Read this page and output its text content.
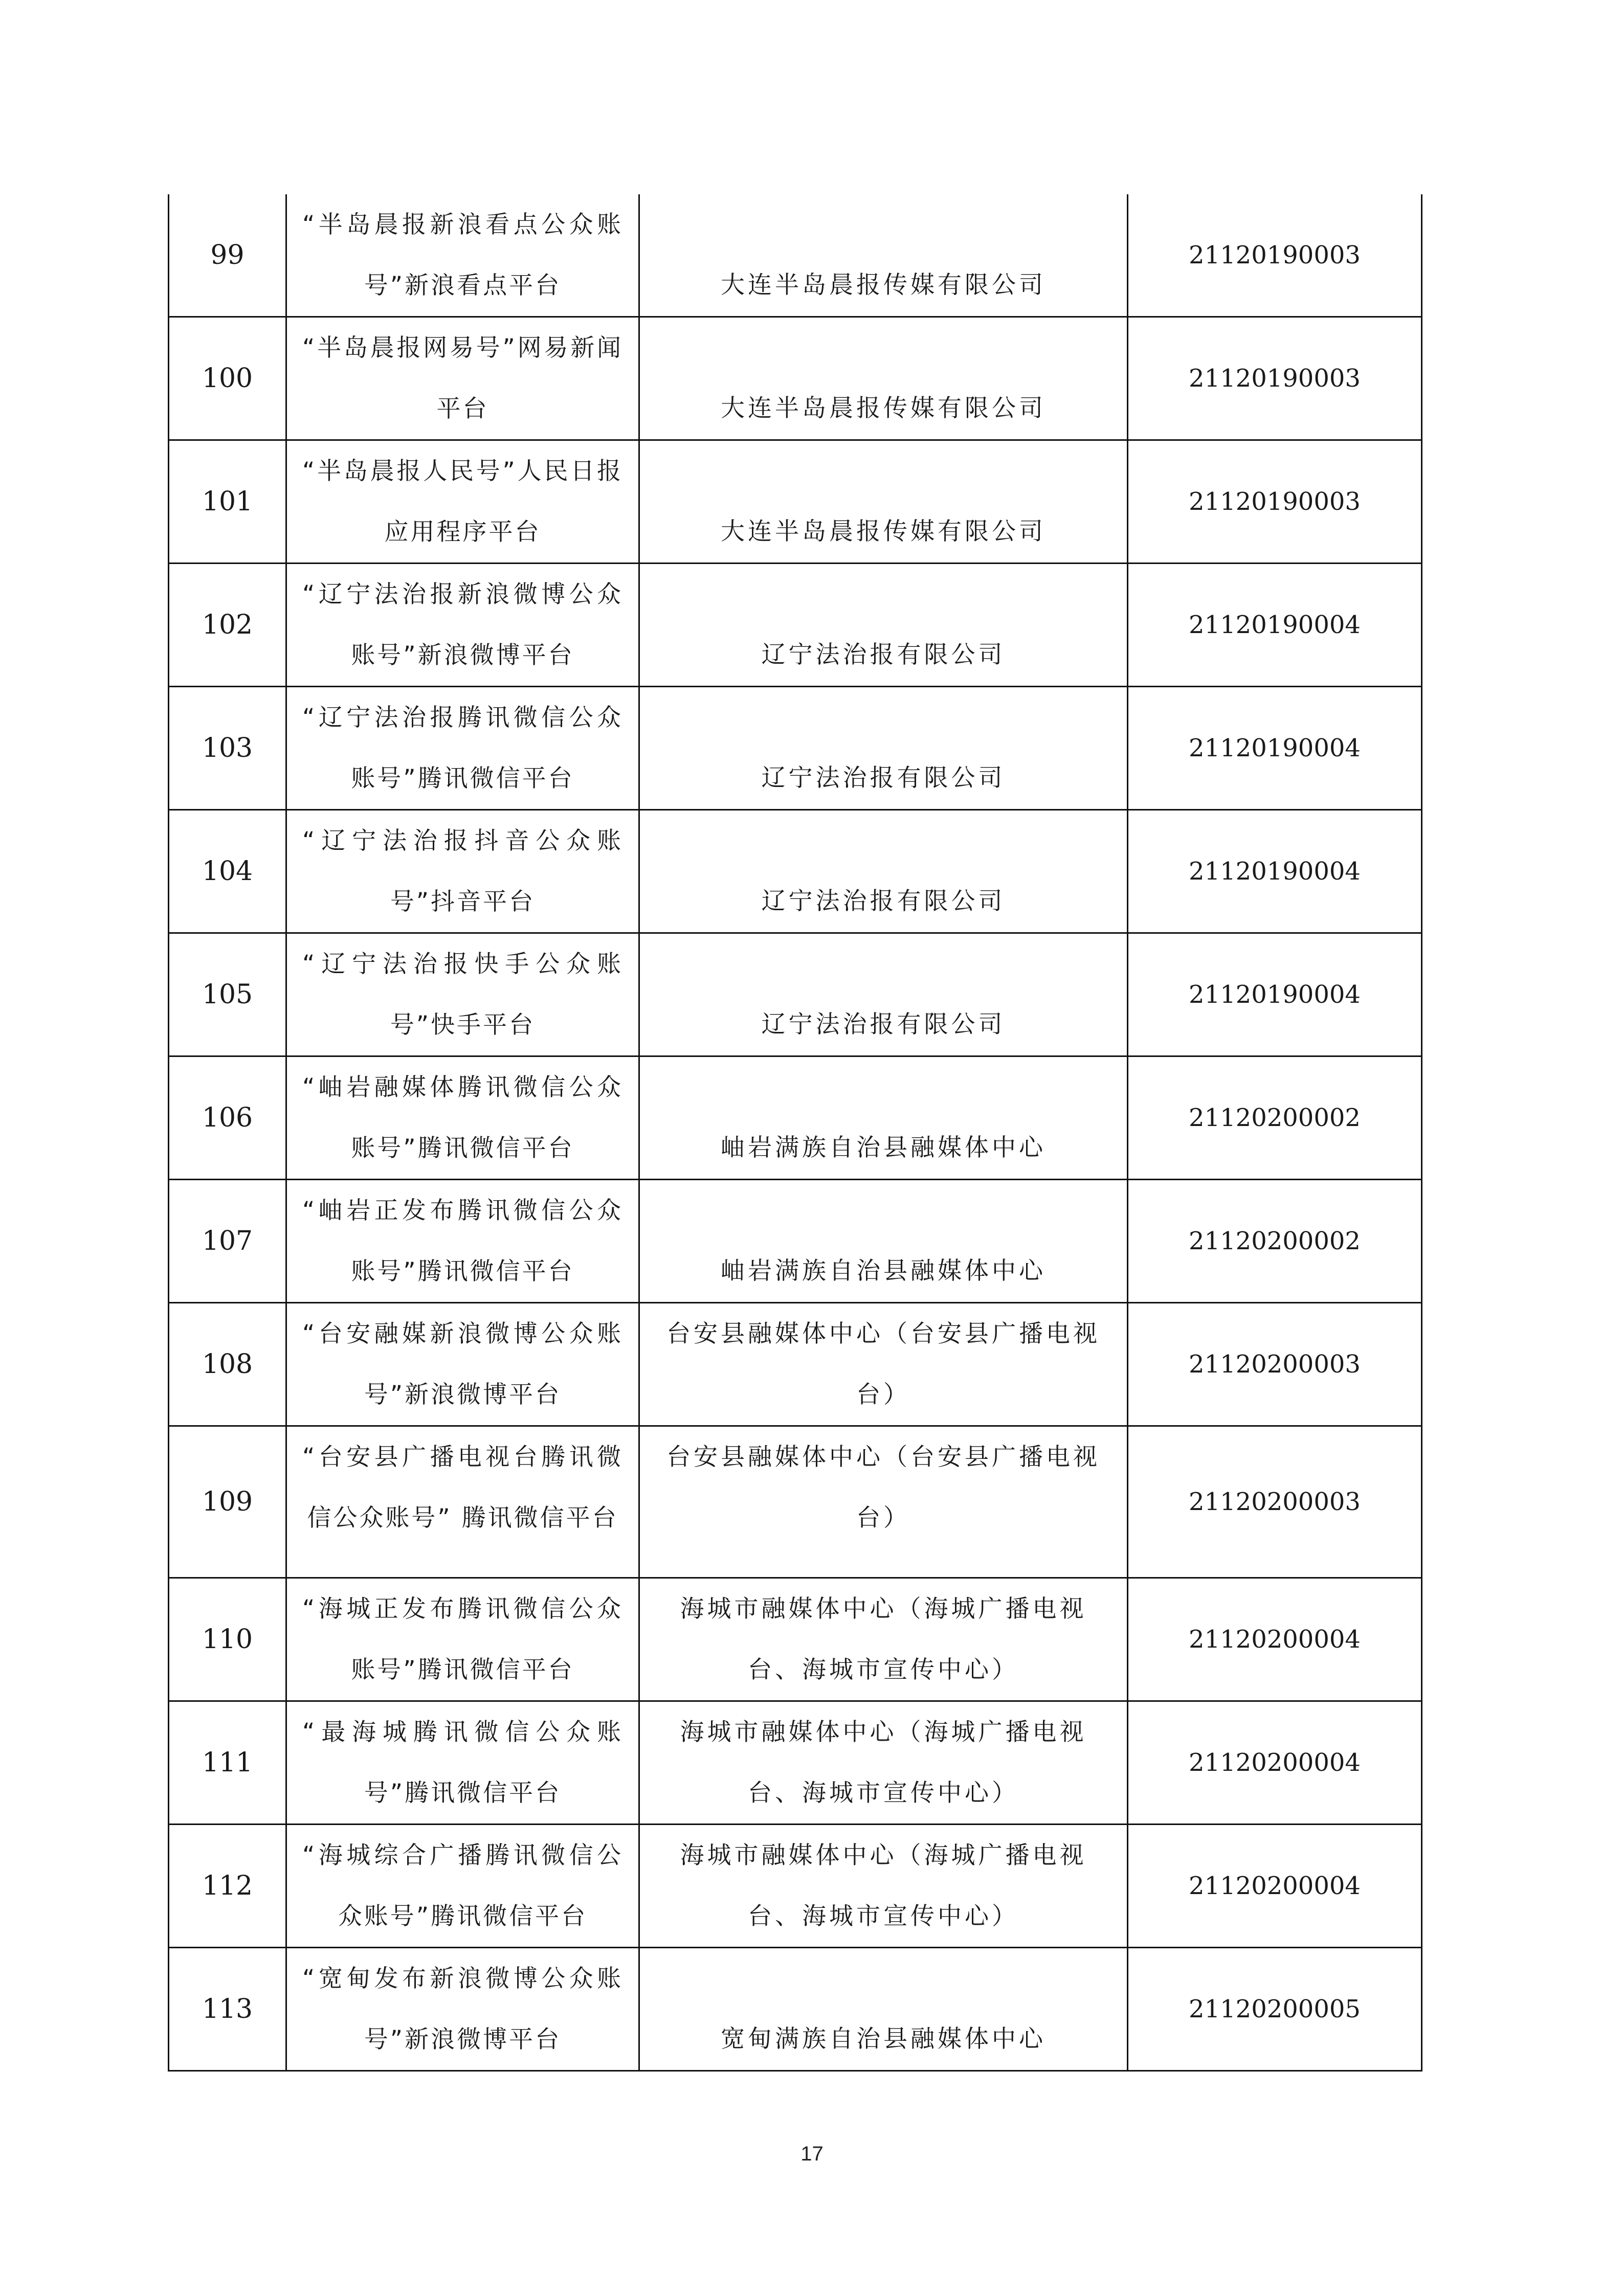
99	“半岛晨报新浪看点公众账号”新浪看点平台	大连半岛晨报传媒有限公司	21120190003
100	“半岛晨报网易号”网易新闻平台	大连半岛晨报传媒有限公司	21120190003
101	“半岛晨报人民号”人民日报应用程序平台	大连半岛晨报传媒有限公司	21120190003
102	“辽宁法治报新浪微博公众账号”新浪微博平台	辽宁法治报有限公司	21120190004
103	“辽宁法治报腾讯微信公众账号”腾讯微信平台	辽宁法治报有限公司	21120190004
104	“辽宁法治报抖音公众账号”抖音平台	辽宁法治报有限公司	21120190004
105	“辽宁法治报快手公众账号”快手平台	辽宁法治报有限公司	21120190004
106	“岫岩融媒体腾讯微信公众账号”腾讯微信平台	岫岩满族自治县融媒体中心	21120200002
107	“岫岩正发布腾讯微信公众账号”腾讯微信平台	岫岩满族自治县融媒体中心	21120200002
108	“台安融媒新浪微博公众账号”新浪微博平台	台安县融媒体中心（台安县广播电视台）	21120200003
109	“台安县广播电视台腾讯微信公众账号” 腾讯微信平台	台安县融媒体中心（台安县广播电视台）	21120200003
110	“海城正发布腾讯微信公众账号”腾讯微信平台	海城市融媒体中心（海城广播电视台、海城市宣传中心）	21120200004
111	“最海城腾讯微信公众账号”腾讯微信平台	海城市融媒体中心（海城广播电视台、海城市宣传中心）	21120200004
112	“海城综合广播腾讯微信公众账号”腾讯微信平台	海城市融媒体中心（海城广播电视台、海城市宣传中心）	21120200004
113	“宽甸发布新浪微博公众账号”新浪微博平台	宽甸满族自治县融媒体中心	21120200005
17
